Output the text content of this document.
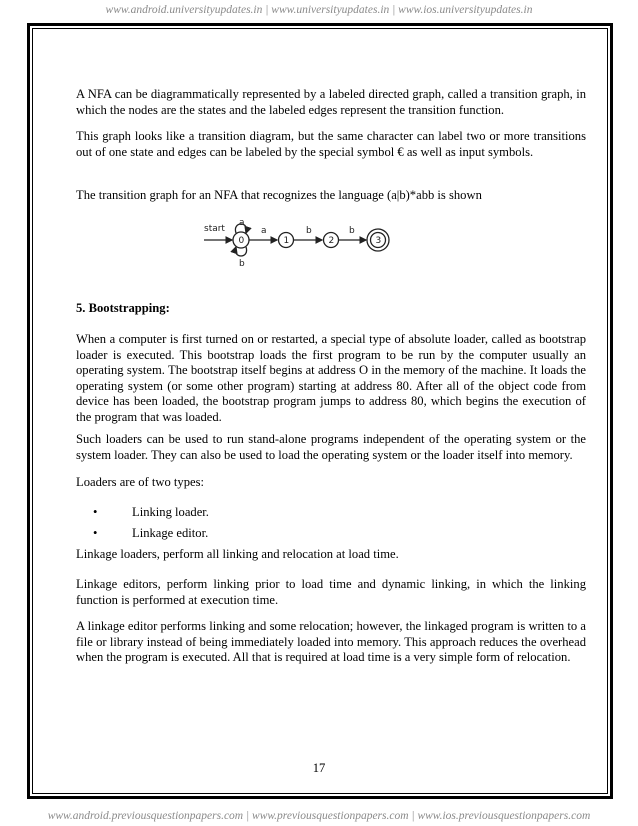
www.android.universityupdates.in | www.universityupdates.in | www.ios.universityupdates.in

A NFA can be diagrammatically represented by a labeled directed graph, called a transition graph, in which the nodes are the states and the labeled edges represent the transition function.

This graph looks like a transition diagram, but the same character can label two or more transitions out of one state and edges can be labeled by the special symbol € as well as input symbols.

The transition graph for an NFA that recognizes the language (a|b)*abb is shown

start
0
a
b
a
1
b
2
b
3

5. Bootstrapping:

When a computer is first turned on or restarted, a special type of absolute loader, called as bootstrap loader is executed. This bootstrap loads the first program to be run by the computer usually an operating system. The bootstrap itself begins at address O in the memory of the machine. It loads the operating system (or some other program) starting at address 80. After all of the object code from device has been loaded, the bootstrap program jumps to address 80, which begins the execution of the program that was loaded.

Such loaders can be used to run stand-alone programs independent of the operating system or the system loader. They can also be used to load the operating system or the loader itself into memory.

Loaders are of two types:

•	Linking loader.
•	Linkage editor.

Linkage loaders, perform all linking and relocation at load time.

Linkage editors, perform linking prior to load time and dynamic linking, in which the linking function is performed at execution time.

A linkage editor performs linking and some relocation; however, the linkaged program is written to a file or library instead of being immediately loaded into memory. This approach reduces the overhead when the program is executed. All that is required at load time is a very simple form of relocation.

17
www.android.previousquestionpapers.com | www.previousquestionpapers.com | www.ios.previousquestionpapers.com
